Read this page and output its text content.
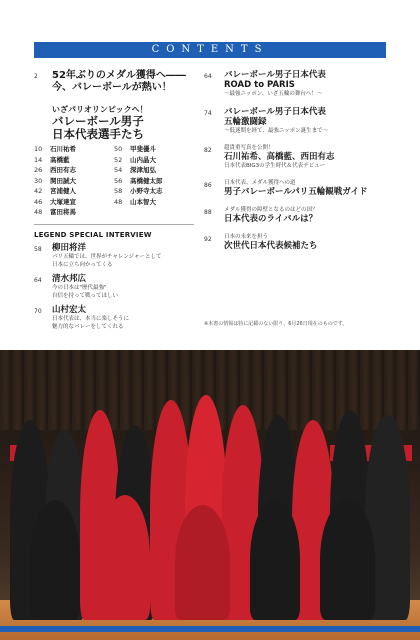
CONTENTS
2	52年ぶりのメダル獲得へ――
今、バレーボールが熱い！
いざパリオリンピックへ！
バレーボール男子
日本代表選手たち
10	石川祐希	50	甲斐優斗
14	高橋藍	52	山内晶大
26	西田有志	54	深津旭弘
30	関田誠大	56	高橋健太郎
42	宮浦健人	58	小野寺太志
46	大塚達宣	48	山本智大
48	富田将馬
LEGEND SPECIAL INTERVIEW
58	柳田将洋
パリ五輪では、世界がチャレンジャーとして
日本に立ち向かってくる
64	清水邦広
今の日本は"歴代最強"
自信を持って戦ってほしい
70	山村宏太
日本代表は、本当に楽しそうに
魅力的なバレーをしてくれる
64	バレーボール男子日本代表
ROAD to PARIS
～最強ニッポン、いざ五輪の舞台へ！～
74	バレーボール男子日本代表
五輪激闘録
～低迷期を経て、最強ニッポン誕生まで～
82	超貴重写真を公開！
石川祐希、高橋藍、西田有志
日本代表BIG3の学生時代＆代表デビュー
86	日本代表、メダル獲得への道
男子バレーボールパリ五輪観戦ガイド
88	メダル獲得の障壁となるのはどの国？
日本代表のライバルは？
92	日本の未来を担う
次世代日本代表候補たち
※本書の情報は特に記載のない限り、6月26日現在のものです。
